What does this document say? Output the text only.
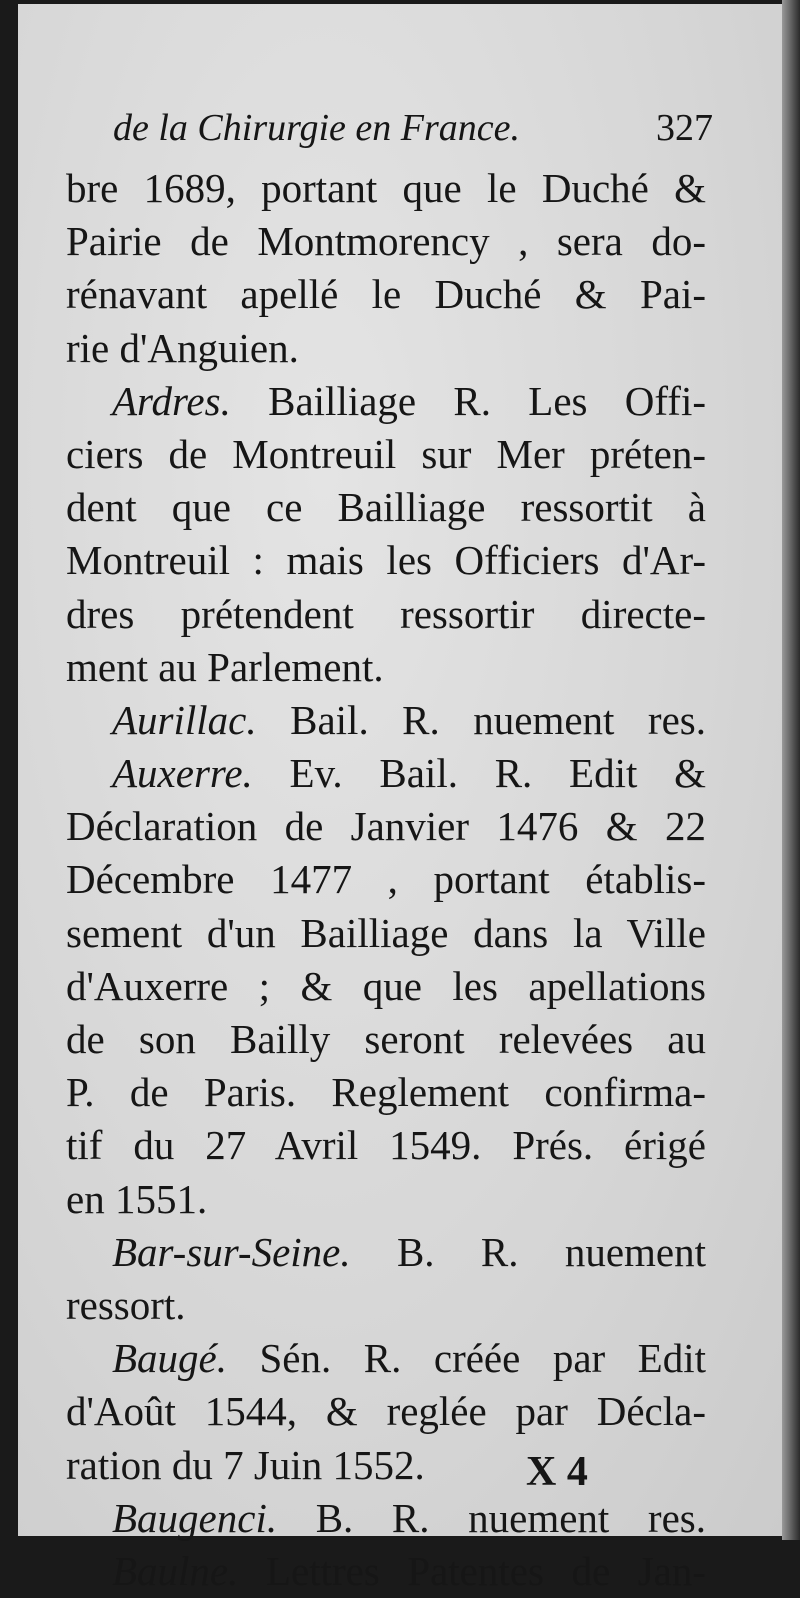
de la Chirurgie en France.	327
bre 1689, portant que le Duché &
Pairie de Montmorency , sera do-
rénavant apellé le Duché & Pai-
rie d'Anguien.
Ardres. Bailliage R. Les Offi-
ciers de Montreuil sur Mer préten-
dent que ce Bailliage ressortit à
Montreuil : mais les Officiers d'Ar-
dres prétendent ressortir directe-
ment au Parlement.
Aurillac. Bail. R. nuement res.
Auxerre. Ev. Bail. R. Edit &
Déclaration de Janvier 1476 & 22
Décembre 1477 , portant établis-
sement d'un Bailliage dans la Ville
d'Auxerre ; & que les apellations
de son Bailly seront relevées au
P. de Paris. Reglement confirma-
tif du 27 Avril 1549. Prés. érigé
en 1551.
Bar-sur-Seine. B. R. nuement
ressort.
Baugé. Sén. R. créée par Edit
d'Août 1544, & reglée par Décla-
ration du 7 Juin 1552.
Baugenci. B. R. nuement res.
Baulne. Lettres Patentes de Jan-
X 4
